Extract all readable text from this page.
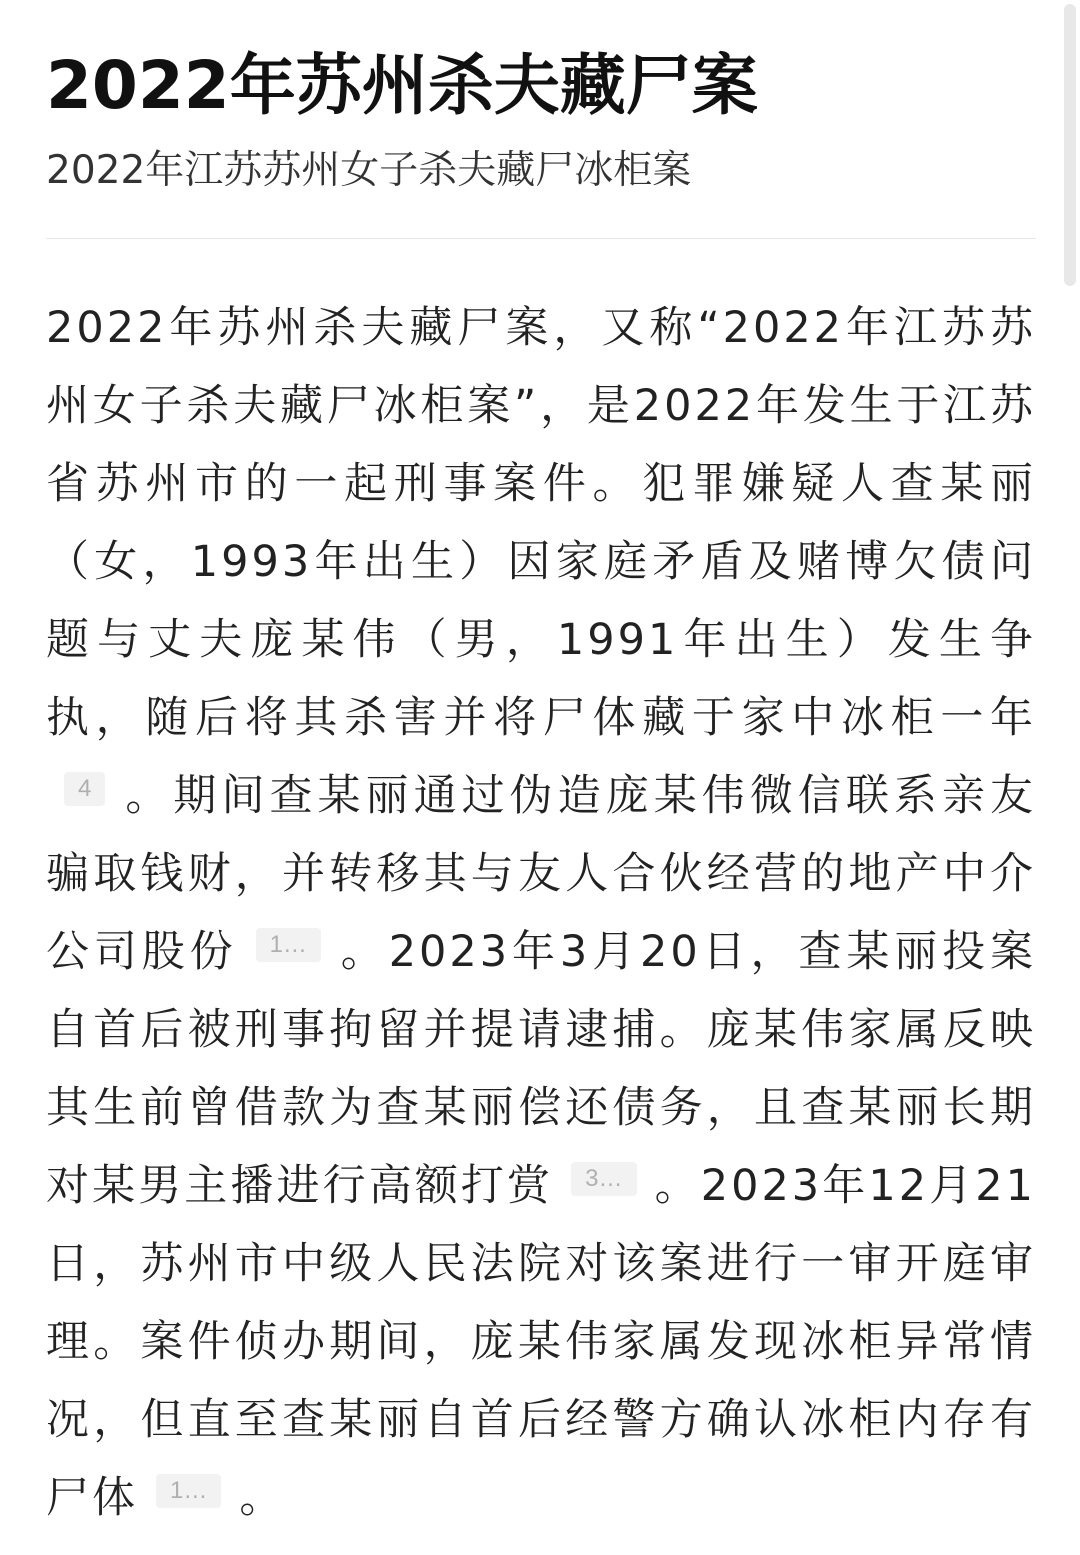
2022年苏州杀夫藏尸案

2022年江苏苏州女子杀夫藏尸冰柜案

2022年苏州杀夫藏尸案，又称“2022年江苏苏州女子杀夫藏尸冰柜案”，是2022年发生于江苏省苏州市的一起刑事案件。犯罪嫌疑人查某丽（女，1993年出生）因家庭矛盾及赌博欠债问题与丈夫庞某伟（男，1991年出生）发生争执，随后将其杀害并将尸体藏于家中冰柜一年4 。期间查某丽通过伪造庞某伟微信联系亲友骗取钱财，并转移其与友人合伙经营的地产中介公司股份 1… 。2023年3月20日，查某丽投案自首后被刑事拘留并提请逮捕。庞某伟家属反映其生前曾借款为查某丽偿还债务，且查某丽长期对某男主播进行高额打赏 3… 。2023年12月21日，苏州市中级人民法院对该案进行一审开庭审理。案件侦办期间，庞某伟家属发现冰柜异常情况，但直至查某丽自首后经警方确认冰柜内存有尸体 1… 。
